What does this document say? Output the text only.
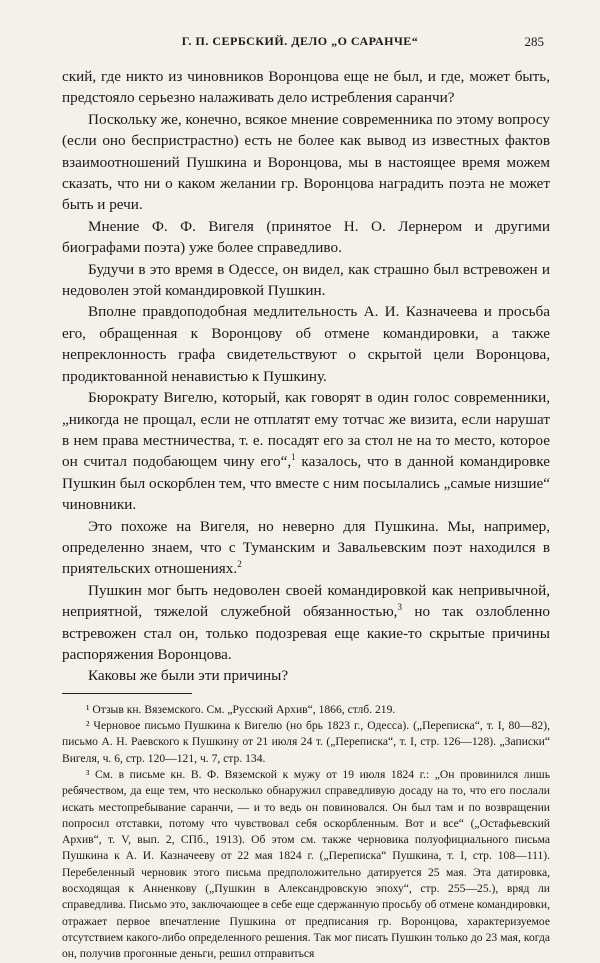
Г. П. СЕРБСКИЙ. ДЕЛО „О САРАНЧЕ“	285

ский, где никто из чиновников Воронцова еще не был, и где, может быть, предстояло серьезно налаживать дело истребления саранчи?

Поскольку же, конечно, всякое мнение современника по этому вопросу (если оно беспристрастно) есть не более как вывод из известных фактов взаимоотношений Пушкина и Воронцова, мы в настоящее время можем сказать, что ни о каком желании гр. Воронцова наградить поэта не может быть и речи.

Мнение Ф. Ф. Вигеля (принятое Н. О. Лернером и другими биографами поэта) уже более справедливо.

Будучи в это время в Одессе, он видел, как страшно был встревожен и недоволен этой командировкой Пушкин.

Вполне правдоподобная медлительность А. И. Казначеева и просьба его, обращенная к Воронцову об отмене командировки, а также непреклонность графа свидетельствуют о скрытой цели Воронцова, продиктованной ненавистью к Пушкину.

Бюрократу Вигелю, который, как говорят в один голос современники, „никогда не прощал, если не отплатят ему тотчас же визита, если нарушат в нем права местничества, т. е. посадят его за стол не на то место, которое он считал подобающем чину его“,$^1$ казалось, что в данной командировке Пушкин был оскорблен тем, что вместе с ним посылались „самые низшие“ чиновники.

Это похоже на Вигеля, но неверно для Пушкина. Мы, например, определенно знаем, что с Туманским и Завальевским поэт находился в приятельских отношениях.$^2$

Пушкин мог быть недоволен своей командировкой как непривычной, неприятной, тяжелой служебной обязанностью,$^3$ но так озлобленно встревожен стал он, только подозревая еще какие-то скрытые причины распоряжения Воронцова.

Каковы же были эти причины?

¹ Отзыв кн. Вяземского. См. „Русский Архив“, 1866, стлб. 219.

² Черновое письмо Пушкина к Вигелю (но брь 1823 г., Одесса). („Переписка“, т. I, 80—82), письмо А. Н. Раевского к Пушкину от 21 июля 24 т. („Переписка“, т. I, стр. 126—128). „Записки“ Вигеля, ч. 6, стр. 120—121, ч. 7, стр. 134.

³ См. в письме кн. В. Ф. Вяземской к мужу от 19 июля 1824 г.: „Он провинился лишь ребячеством, да еще тем, что несколько обнаружил справедливую досаду на то, что его послали искать местопребывание саранчи, — и то ведь он повиновался. Он был там и по возвращении попросил отставки, потому что чувствовал себя оскорбленным. Вот и все“ („Остафьевский Архив“, т. V, вып. 2, СПб., 1913). Об этом см. также черновика полуофициального письма Пушкина к А. И. Казначееву от 22 мая 1824 г. („Переписка“ Пушкина, т. I, стр. 108—111). Перебеленный черновик этого письма предположительно датируется 25 мая. Эта датировка, восходящая к Анненкову („Пушкин в Александровскую эпоху“, стр. 255—25.), вряд ли справедлива. Письмо это, заключающее в себе еще сдержанную просьбу об отмене командировки, отражает первое впечатление Пушкина от предписания гр. Воронцова, характеризуемое отсутствием какого-либо определенного решения. Так мог писать Пушкин только до 23 мая, когда он, получив прогонные деньги, решил отправиться
